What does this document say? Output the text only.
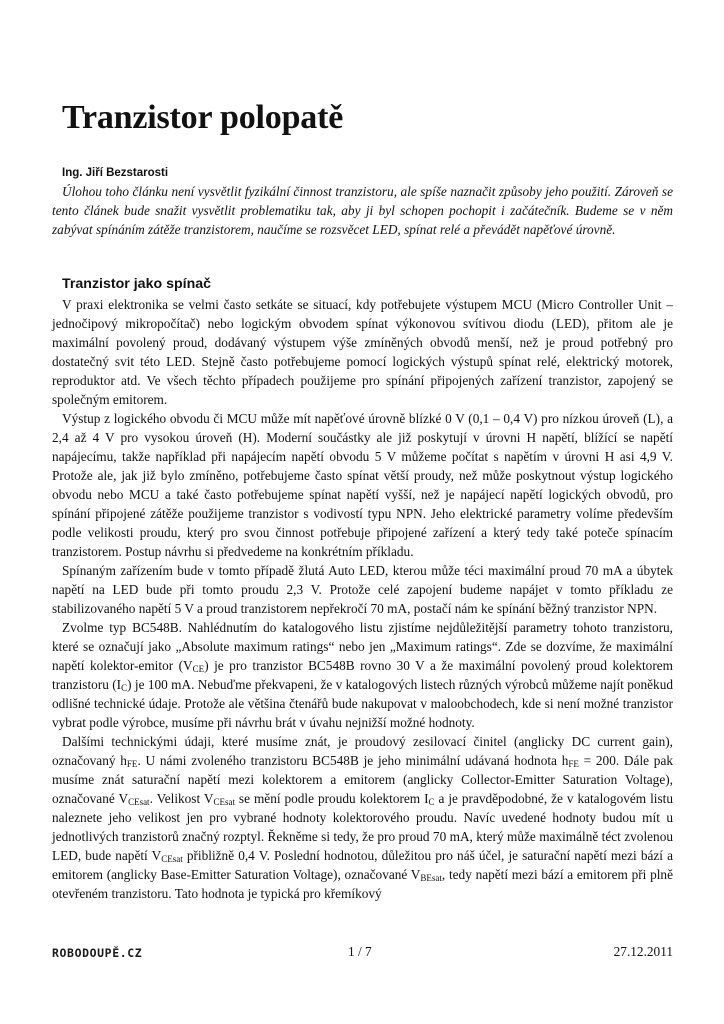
Tranzistor polopatě
Ing. Jiří Bezstarosti

Úlohou toho článku není vysvětlit fyzikální činnost tranzistoru, ale spíše naznačit způsoby jeho použití. Zároveň se tento článek bude snažit vysvětlit problematiku tak, aby ji byl schopen pochopit i začátečník. Budeme se v něm zabývat spínáním zátěže tranzistorem, naučíme se rozsvěcet LED, spínat relé a převádět napěťové úrovně.

Tranzistor jako spínač

V praxi elektronika se velmi často setkáte se situací, kdy potřebujete výstupem MCU (Micro Controller Unit – jednočipový mikropočítač) nebo logickým obvodem spínat výkonovou svítivou diodu (LED), přitom ale je maximální povolený proud, dodávaný výstupem výše zmíněných obvodů menší, než je proud potřebný pro dostatečný svit této LED. Stejně často potřebujeme pomocí logických výstupů spínat relé, elektrický motorek, reproduktor atd. Ve všech těchto případech použijeme pro spínání připojených zařízení tranzistor, zapojený se společným emitorem.

Výstup z logického obvodu či MCU může mít napěťové úrovně blízké 0 V (0,1 – 0,4 V) pro nízkou úroveň (L), a 2,4 až 4 V pro vysokou úroveň (H). Moderní součástky ale již poskytují v úrovni H napětí, blížící se napětí napájecímu, takže například při napájecím napětí obvodu 5 V můžeme počítat s napětím v úrovni H asi 4,9 V. Protože ale, jak již bylo zmíněno, potřebujeme často spínat větší proudy, než může poskytnout výstup logického obvodu nebo MCU a také často potřebujeme spínat napětí vyšší, než je napájecí napětí logických obvodů, pro spínání připojené zátěže použijeme tranzistor s vodivostí typu NPN. Jeho elektrické parametry volíme především podle velikosti proudu, který pro svou činnost potřebuje připojené zařízení a který tedy také poteče spínacím tranzistorem. Postup návrhu si předvedeme na konkrétním příkladu.

Spínaným zařízením bude v tomto případě žlutá Auto LED, kterou může téci maximální proud 70 mA a úbytek napětí na LED bude při tomto proudu 2,3 V. Protože celé zapojení budeme napájet v tomto příkladu ze stabilizovaného napětí 5 V a proud tranzistorem nepřekročí 70 mA, postačí nám ke spínání běžný tranzistor NPN.

Zvolme typ BC548B. Nahlédnutím do katalogového listu zjistíme nejdůležitější parametry tohoto tranzistoru, které se označují jako „Absolute maximum ratings“ nebo jen „Maximum ratings“. Zde se dozvíme, že maximální napětí kolektor-emitor $(V_{CE})$ je pro tranzistor BC548B rovno 30 V a že maximální povolený proud kolektorem tranzistoru $(I_C)$ je 100 mA. Nebuďme překvapeni, že v katalogových listech různých výrobců můžeme najít poněkud odlišné technické údaje. Protože ale většina čtenářů bude nakupovat v maloobchodech, kde si není možné tranzistor vybrat podle výrobce, musíme při návrhu brát v úvahu nejnižší možné hodnoty.

Dalšími technickými údaji, které musíme znát, je proudový zesilovací činitel (anglicky DC current gain), označovaný $h_{FE}$. U námi zvoleného tranzistoru BC548B je jeho minimální udávaná hodnota $h_{FE} = 200$. Dále pak musíme znát saturační napětí mezi kolektorem a emitorem (anglicky Collector-Emitter Saturation Voltage), označované $V_{CEsat}$. Velikost $V_{CEsat}$ se mění podle proudu kolektorem $I_C$ a je pravděpodobné, že v katalogovém listu naleznete jeho velikost jen pro vybrané hodnoty kolektorového proudu. Navíc uvedené hodnoty budou mít u jednotlivých tranzistorů značný rozptyl. Řekněme si tedy, že pro proud 70 mA, který může maximálně téct zvolenou LED, bude napětí $V_{CEsat}$ přibližně 0,4 V. Poslední hodnotou, důležitou pro náš účel, je saturační napětí mezi bází a emitorem (anglicky Base-Emitter Saturation Voltage), označované $V_{BEsat}$, tedy napětí mezi bází a emitorem při plně otevřeném tranzistoru. Tato hodnota je typická pro křemíkový

ROBODOUPĚ.CZ	1 / 7	27.12.2011
